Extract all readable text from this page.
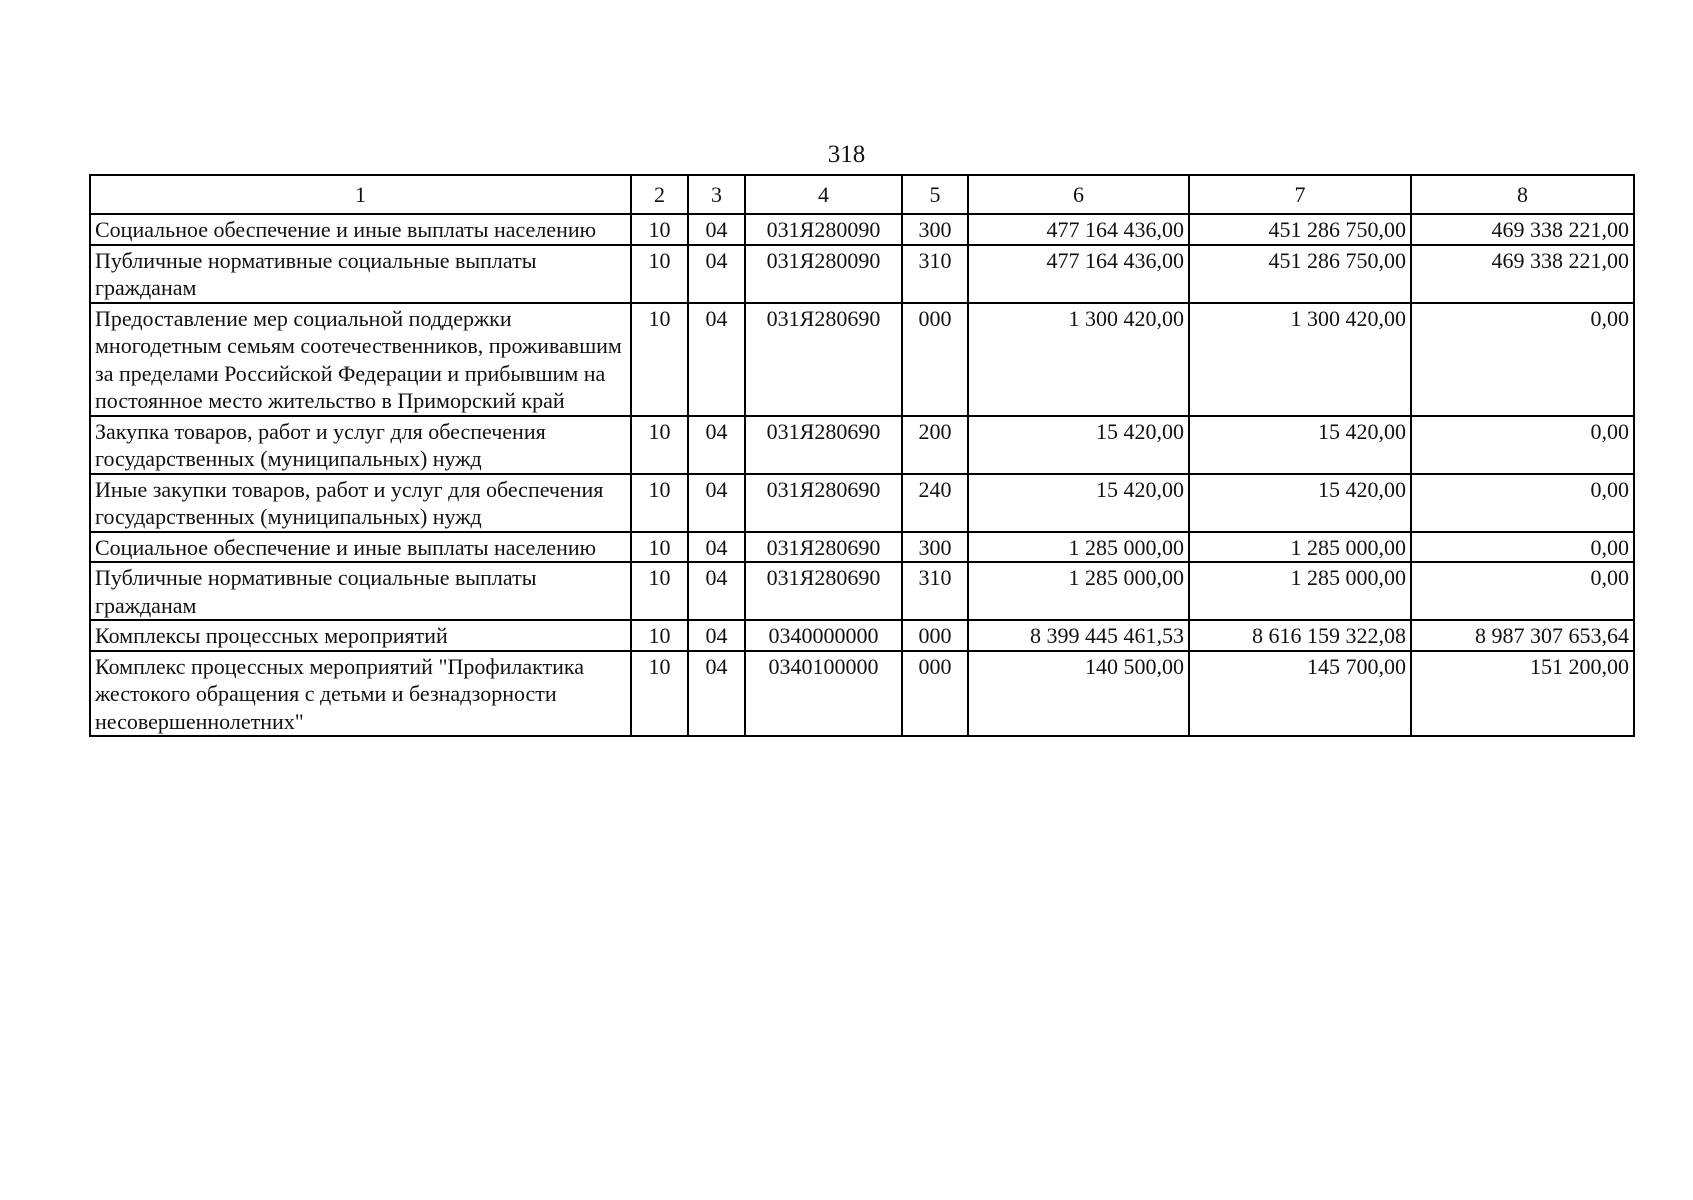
318
1	2	3	4	5	6	7	8
Социальное обеспечение и иные выплаты населению	10	04	031Я280090	300	477 164 436,00	451 286 750,00	469 338 221,00
Публичные нормативные социальные выплаты гражданам	10	04	031Я280090	310	477 164 436,00	451 286 750,00	469 338 221,00
Предоставление мер социальной поддержки многодетным семьям соотечественников, проживавшим за пределами Российской Федерации и прибывшим на постоянное место жительство в Приморский край	10	04	031Я280690	000	1 300 420,00	1 300 420,00	0,00
Закупка товаров, работ и услуг для обеспечения государственных (муниципальных) нужд	10	04	031Я280690	200	15 420,00	15 420,00	0,00
Иные закупки товаров, работ и услуг для обеспечения государственных (муниципальных) нужд	10	04	031Я280690	240	15 420,00	15 420,00	0,00
Социальное обеспечение и иные выплаты населению	10	04	031Я280690	300	1 285 000,00	1 285 000,00	0,00
Публичные нормативные социальные выплаты гражданам	10	04	031Я280690	310	1 285 000,00	1 285 000,00	0,00
Комплексы процессных мероприятий	10	04	0340000000	000	8 399 445 461,53	8 616 159 322,08	8 987 307 653,64
Комплекс процессных мероприятий "Профилактика жестокого обращения с детьми и безнадзорности несовершеннолетних"	10	04	0340100000	000	140 500,00	145 700,00	151 200,00
